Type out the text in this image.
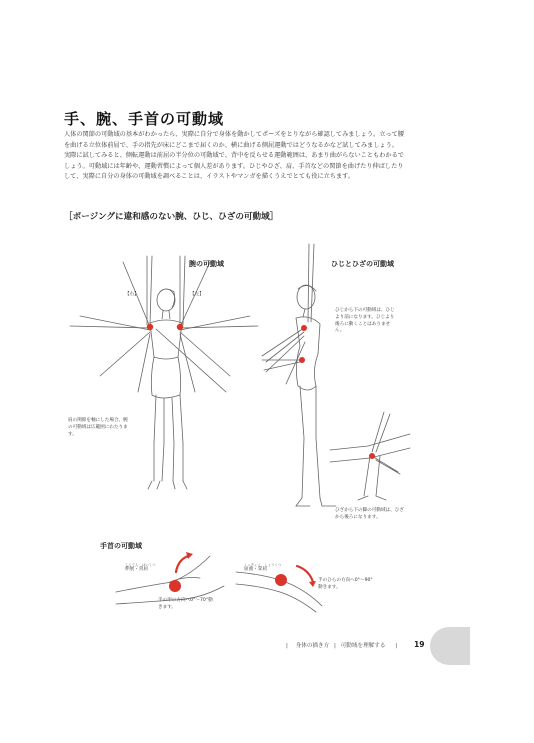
手、腕、手首の可動域
人体の関節の可動域の基本がわかったら、実際に自分で身体を動かしてポーズをとりながら確認してみましょう。立って腰を曲げる立位体前屈で、手の指先が床にどこまで届くのか、横に曲げる側屈運動ではどうなるかなど試してみましょう。実際に試してみると、側転運動は前屈の半分位の可動域で、背中を反らせる運動範囲は、あまり曲がらないこともわかるでしょう。可動域には年齢や、運動習慣によって個人差があります。ひじやひざ、肩、手首などの関節を曲げたり伸ばしたりして、実際に自分の身体の可動域を調べることは、イラストやマンガを描くうえでとても役に立ちます。
［ポージングに違和感のない腕、ひじ、ひざの可動域］
腕の可動域
【右】	【左】
肩の関節を軸にした場合、腕の可動域は広範囲にわたります。
ひじとひざの可動域
ひじから下の可動域は、ひじより前になります。ひじより後ろに動くことはありません。
ひざから下の脚の可動域は、ひざから後ろになります。
手首の可動域
しんてん　はいくつ
伸展・背屈
手の甲の方向へ0°〜70°動きます。
くっきょく　しょうくつ
屈曲・掌屈
手のひらの方向へ0°〜90°動きます。
| 身体の描き方 | 可動域を理解する | 19
